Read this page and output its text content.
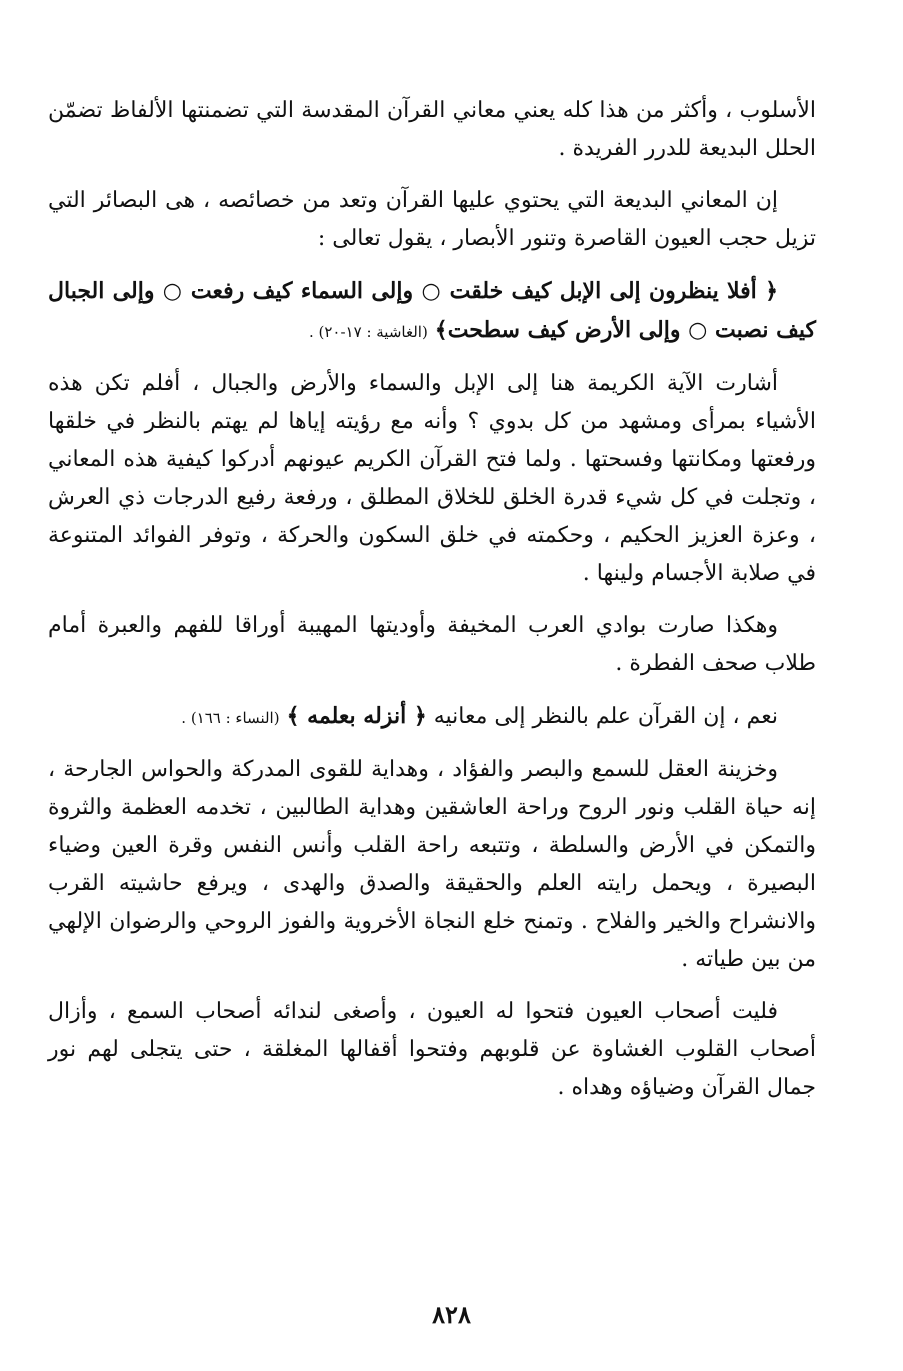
الأسلوب ، وأكثر من هذا كله يعني معاني القرآن المقدسة التي تضمنتها الألفاظ تضمّن الحلل البديعة للدرر الفريدة .

إن المعاني البديعة التي يحتوي عليها القرآن وتعد من خصائصه ، هى البصائر التي تزيل حجب العيون القاصرة وتنور الأبصار ، يقول تعالى :

﴿ أفلا ينظرون إلى الإبل كيف خلقت ○ وإلى السماء كيف رفعت ○ وإلى الجبال كيف نصبت ○ وإلى الأرض كيف سطحت﴾ (الغاشية : ١٧-٢٠) .

أشارت الآية الكريمة هنا إلى الإبل والسماء والأرض والجبال ، أفلم تكن هذه الأشياء بمرأى ومشهد من كل بدوي ؟ وأنه مع رؤيته إياها لم يهتم بالنظر في خلقها ورفعتها ومكانتها وفسحتها . ولما فتح القرآن الكريم عيونهم أدركوا كيفية هذه المعاني ، وتجلت في كل شيء قدرة الخلق للخلاق المطلق ، ورفعة رفيع الدرجات ذي العرش ، وعزة العزيز الحكيم ، وحكمته في خلق السكون والحركة ، وتوفر الفوائد المتنوعة في صلابة الأجسام ولينها .

وهكذا صارت بوادي العرب المخيفة وأوديتها المهيبة أوراقا للفهم والعبرة أمام طلاب صحف الفطرة .

نعم ، إن القرآن علم بالنظر إلى معانيه ﴿ أنزله بعلمه ﴾ (النساء : ١٦٦) .

وخزينة العقل للسمع والبصر والفؤاد ، وهداية للقوى المدركة والحواس الجارحة ، إنه حياة القلب ونور الروح وراحة العاشقين وهداية الطالبين ، تخدمه العظمة والثروة والتمكن في الأرض والسلطة ، وتتبعه راحة القلب وأنس النفس وقرة العين وضياء البصيرة ، ويحمل رايته العلم والحقيقة والصدق والهدى ، ويرفع حاشيته القرب والانشراح والخير والفلاح . وتمنح خلع النجاة الأخروية والفوز الروحي والرضوان الإلهي من بين طياته .

فليت أصحاب العيون فتحوا له العيون ، وأصغى لندائه أصحاب السمع ، وأزال أصحاب القلوب الغشاوة عن قلوبهم وفتحوا أقفالها المغلقة ، حتى يتجلى لهم نور جمال القرآن وضياؤه وهداه .

٨٢٨
